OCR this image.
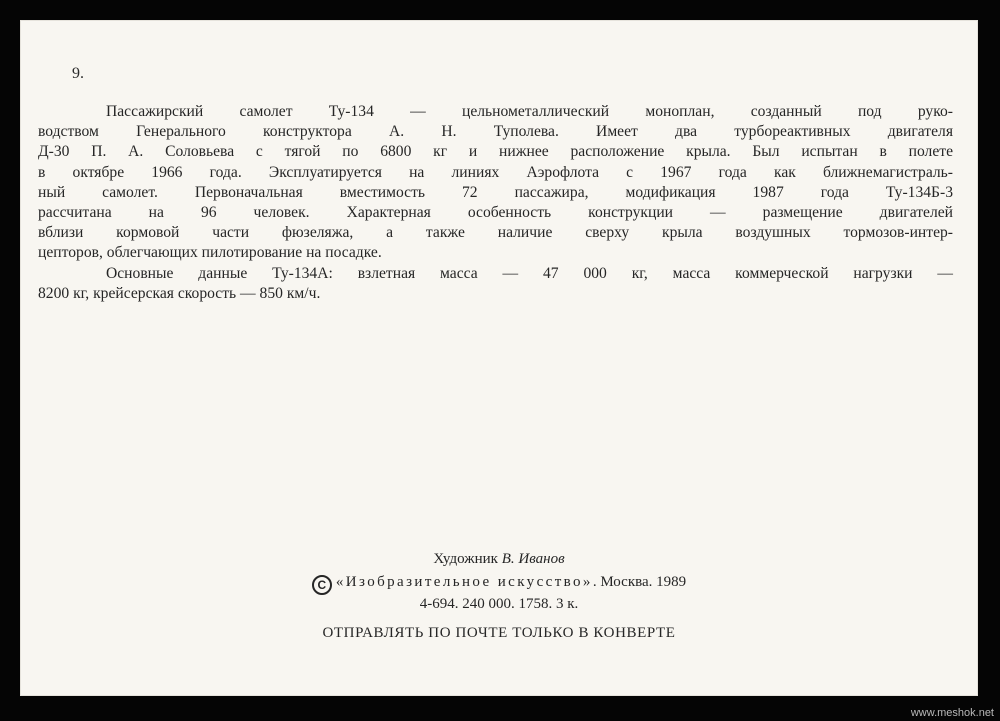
9.

Пассажирский самолет Ту-134 — цельнометаллический моноплан, созданный под руко-
водством Генерального конструктора А. Н. Туполева. Имеет два турбореактивных двигателя
Д-30 П. А. Соловьева с тягой по 6800 кг и нижнее расположение крыла. Был испытан в полете
в октябре 1966 года. Эксплуатируется на линиях Аэрофлота с 1967 года как ближнемагистраль-
ный самолет. Первоначальная вместимость 72 пассажира, модификация 1987 года Ту-134Б-3
рассчитана на 96 человек. Характерная особенность конструкции — размещение двигателей
вблизи кормовой части фюзеляжа, а также наличие сверху крыла воздушных тормозов-интер-
цепторов, облегчающих пилотирование на посадке.

Основные данные Ту-134А: взлетная масса — 47 000 кг, масса коммерческой нагрузки —
8200 кг, крейсерская скорость — 850 км/ч.

Художник В. Иванов
C «Изобразительное искусство». Москва. 1989
4-694. 240 000. 1758. 3 к.
ОТПРАВЛЯТЬ ПО ПОЧТЕ ТОЛЬКО В КОНВЕРТЕ
www.meshok.net
